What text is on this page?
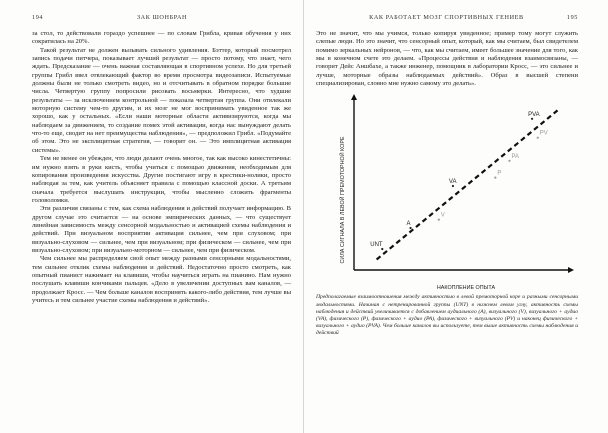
194	ЗАК ШОНБРАН

за стол, то действовали гораздо успешнее — по словам Грибла, кривая обучения у них сократилась на 20%.

Такой результат не должен вызывать сильного удивления. Бэттер, который посмотрел запись подачи питчера, показывает лучший результат — просто потому, что знает, чего ждать. Предсказание — очень важная составляющая в спортивном успехе. Но для третьей группы Грибл ввел отвлекающий фактор во время просмотра видеозаписи. Испытуемые должны были не только смотреть видео, но и отсчитывать в обратном порядке большие числа. Четвертую группу попросили рисовать восьмерки. Интересно, что худшие результаты — за исключением контрольной — показала четвертая группа. Они отвлекали моторную систему чем-то другим, и их мозг не мог воспринимать увиденное так же хорошо, как у остальных. «Если наши моторные области активизируются, когда мы наблюдаем за движением, то создание помех этой активации, когда нас вынуждают делать что-то еще, сводит на нет преимущества наблюдения», — предположил Грибл. «Подумайте об этом. Это не эксплицитная стратегия, — говорит он. — Это имплицитная активация системы».

Тем не менее он убежден, что люди делают очень многое, так как высоко кинестетичны: им нужно взять в руки кисть, чтобы учиться с помощью движения, необходимым для копирования произведения искусства. Другие постигают игру в крестики-нолики, просто наблюдая за тем, как учитель объясняет правила с помощью классной доски. А третьим сначала требуется выслушать инструкции, чтобы мысленно сложить фрагменты головоломки.

Эти различия связаны с тем, как схема наблюдения и действий получает информацию. В другом случае это считается — на основе эмпирических данных, — что существует линейная зависимость между сенсорной модальностью и активацией схемы наблюдения и действий. При визуальном восприятии активация сильнее, чем при слуховом; при визуально-слуховом — сильнее, чем при визуальном; при физическом — сильнее, чем при визуально-слуховом; при визуально-моторном — сильнее, чем при физическом.

Чем сильнее мы распределяем свой опыт между разными сенсорными модальностями, тем сильнее отклик схемы наблюдения и действий. Недостаточно просто смотреть, как опытный пианист нажимает на клавиши, чтобы научиться играть на пианино. Нам нужно послушать клавиши кончиками пальцев. «Дело в увеличении доступных вам каналов, — продолжает Кросс. — Чем больше каналов воспринять какого-либо действия, тем лучше вы учитесь и тем сильнее участие схемы наблюдения и действий».

КАК РАБОТАЕТ МОЗГ СПОРТИВНЫХ ГЕНИЕВ	195

Это не значит, что мы учимся, только копируя увиденное; пример тому могут служить слепые люди. Но это значит, что сенсорный опыт, который, как мы считаем, был свидетелем помимо зеркальных нейронов, — что, как мы считаем, имеет большее значение для того, как мы в конечном счете это делаем. «Процессы действия и наблюдения взаимосвязаны, — говорит Дейс Аншбахе, а также инженер, помощник в лаборатории Кросс, — это сильнее и лучше, моторные образы наблюдаемых действий». Образ в высшей степени специализирован, словно мне нужно самому это делать».

СИЛА СИГНАЛА В ЛЕВОЙ ПРЕМОТОРНОЙ КОРЕ
НАКОПЛЕНИЕ ОПЫТА
UNT
A
V
VA
P
PA
PV
PVA
Предполагаемые взаимоотношения между активностью в левой премоторной коре и разными сенсорными модальностями. Начиная с нетренированной группы (UNT) в нижнем левом углу, активность схемы наблюдения и действий увеличивается с добавлением аудиального (A), визуального (V), визуального + аудио (VA), физического (P), физического + аудио (PA), физического + визуального (PV) и наконец физического + визуального + аудио (PVA). Чем больше каналов вы используете, тем выше активность схемы наблюдения и действий
